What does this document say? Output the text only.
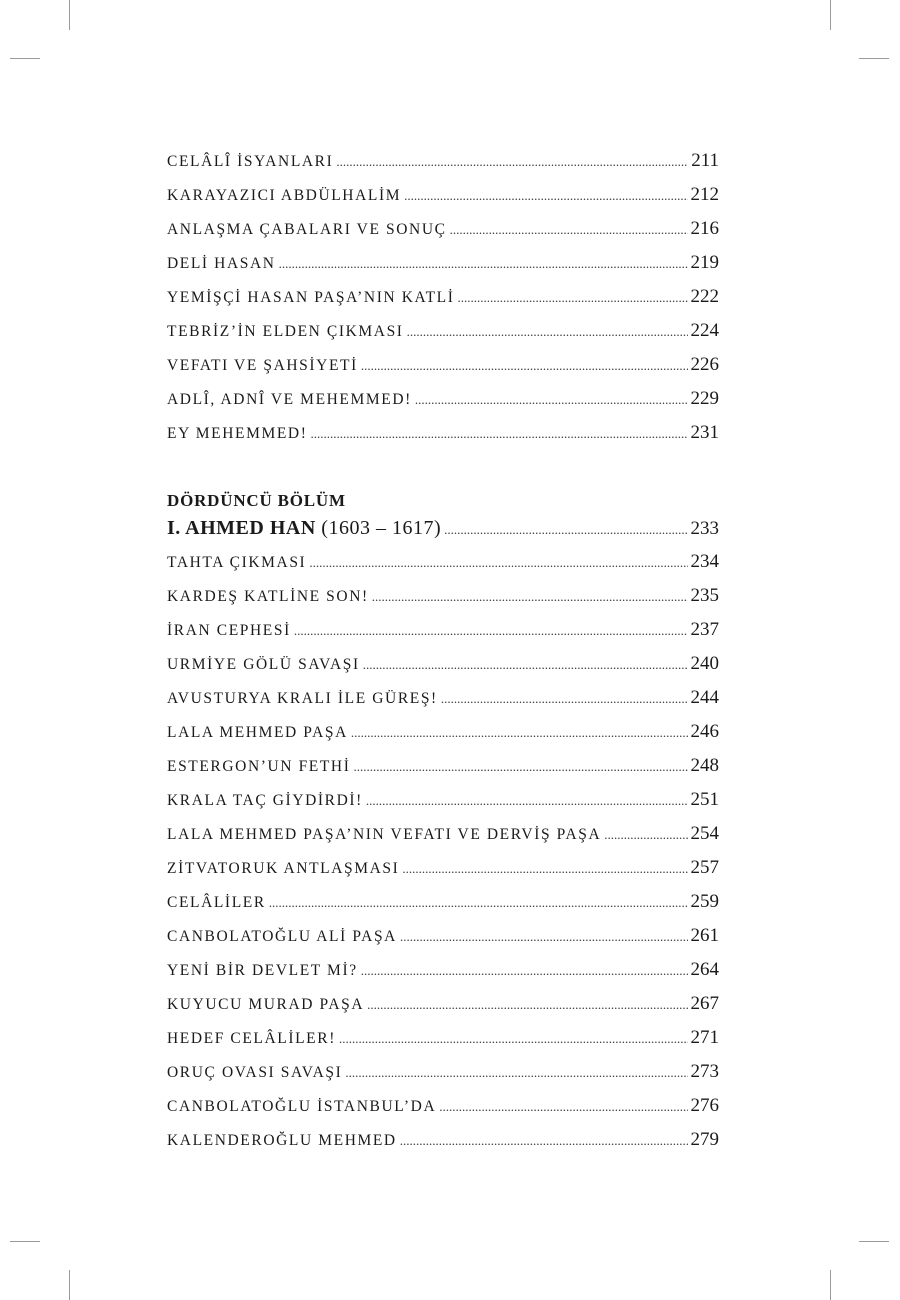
CELÂLÎ İSYANLARI .....	211
KARAYAZICI ABDÜLHALİM .....	212
ANLAŞMA ÇABALARI VE SONUÇ .....	216
DELİ HASAN .....	219
YEMİŞÇİ HASAN PAŞA’NIN KATLİ .....	222
TEBRİZ’İN ELDEN ÇIKMASI .....	224
VEFATI VE ŞAHSİYETİ .....	226
ADLÎ, ADNÎ VE MEHEMMED! .....	229
EY MEHEMMED! .....	231
DÖRDÜNCÜ BÖLÜM
I. AHMED HAN (1603 – 1617) .....	233
TAHTA ÇIKMASI .....	234
KARDEŞ KATLİNE SON! .....	235
İRAN CEPHESİ .....	237
URMİYE GÖLÜ SAVAŞI .....	240
AVUSTURYA KRALI İLE GÜREŞ! .....	244
LALA MEHMED PAŞA .....	246
ESTERGON’UN FETHİ .....	248
KRALA TAÇ GİYDİRDİ! .....	251
LALA MEHMED PAŞA’NIN VEFATI VE DERVİŞ PAŞA .....	254
ZİTVATORUK ANTLAŞMASI .....	257
CELÂLİLER .....	259
CANBOLATOĞLU ALİ PAŞA .....	261
YENİ BİR DEVLET Mİ? .....	264
KUYUCU MURAD PAŞA .....	267
HEDEF CELÂLİLER! .....	271
ORUÇ OVASI SAVAŞI .....	273
CANBOLATOĞLU İSTANBUL’DA .....	276
KALENDEROĞLU MEHMED .....	279
